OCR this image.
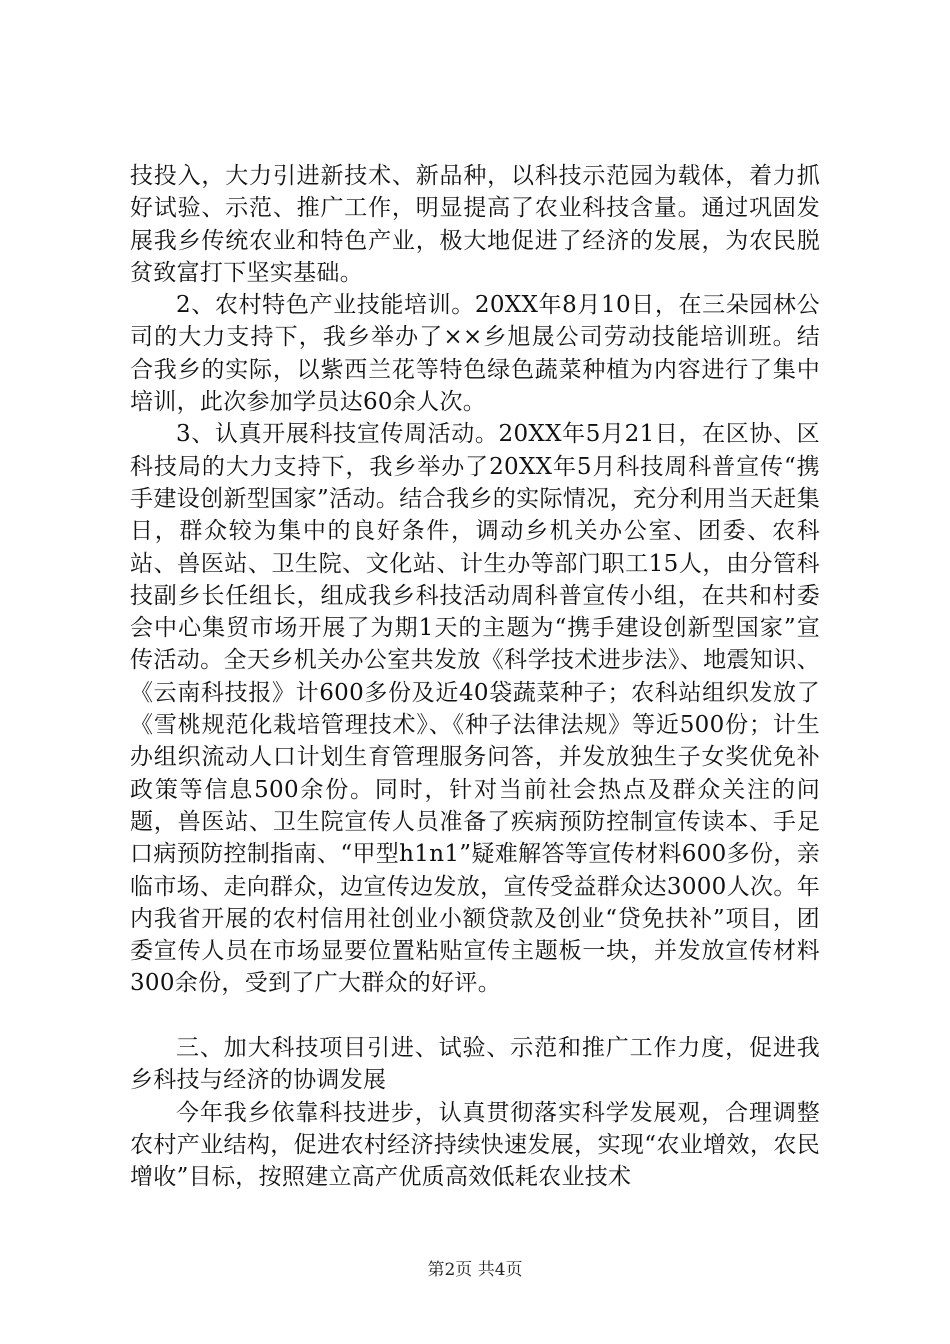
技投入，大力引进新技术、新品种，以科技示范园为载体，着力抓好试验、示范、推广工作，明显提高了农业科技含量。通过巩固发展我乡传统农业和特色产业，极大地促进了经济的发展，为农民脱贫致富打下坚实基础。

2、农村特色产业技能培训。20XX年8月10日，在三朵园林公司的大力支持下，我乡举办了××乡旭晟公司劳动技能培训班。结合我乡的实际，以紫西兰花等特色绿色蔬菜种植为内容进行了集中培训，此次参加学员达60余人次。

3、认真开展科技宣传周活动。20XX年5月21日，在区协、区科技局的大力支持下，我乡举办了20XX年5月科技周科普宣传“携手建设创新型国家”活动。结合我乡的实际情况，充分利用当天赶集日，群众较为集中的良好条件，调动乡机关办公室、团委、农科站、兽医站、卫生院、文化站、计生办等部门职工15人，由分管科技副乡长任组长，组成我乡科技活动周科普宣传小组，在共和村委会中心集贸市场开展了为期1天的主题为“携手建设创新型国家”宣传活动。全天乡机关办公室共发放《科学技术进步法》、地震知识、《云南科技报》计600多份及近40袋蔬菜种子；农科站组织发放了《雪桃规范化栽培管理技术》、《种子法律法规》等近500份；计生办组织流动人口计划生育管理服务问答，并发放独生子女奖优免补政策等信息500余份。同时，针对当前社会热点及群众关注的问题，兽医站、卫生院宣传人员准备了疾病预防控制宣传读本、手足口病预防控制指南、“甲型h1n1”疑难解答等宣传材料600多份，亲临市场、走向群众，边宣传边发放，宣传受益群众达3000人次。年内我省开展的农村信用社创业小额贷款及创业“贷免扶补”项目，团委宣传人员在市场显要位置粘贴宣传主题板一块，并发放宣传材料300余份，受到了广大群众的好评。

三、加大科技项目引进、试验、示范和推广工作力度，促进我乡科技与经济的协调发展

今年我乡依靠科技进步，认真贯彻落实科学发展观，合理调整农村产业结构，促进农村经济持续快速发展，实现“农业增效，农民增收”目标，按照建立高产优质高效低耗农业技术

第2页 共4页
